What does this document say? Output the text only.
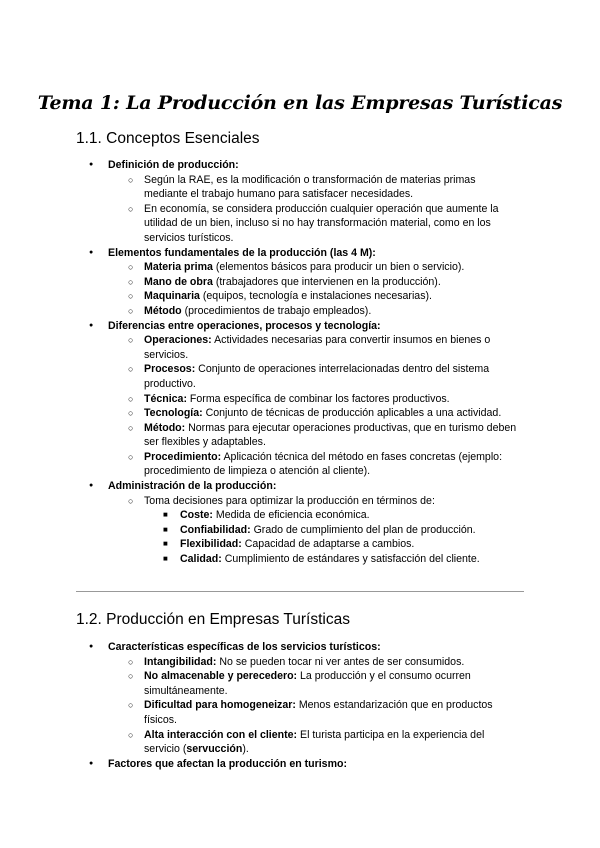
Tema 1: La Producción en las Empresas Turísticas
1.1. Conceptos Esenciales
● Definición de producción:
○ Según la RAE, es la modificación o transformación de materias primas mediante el trabajo humano para satisfacer necesidades.
○ En economía, se considera producción cualquier operación que aumente la utilidad de un bien, incluso si no hay transformación material, como en los servicios turísticos.
● Elementos fundamentales de la producción (las 4 M):
○ Materia prima (elementos básicos para producir un bien o servicio).
○ Mano de obra (trabajadores que intervienen en la producción).
○ Maquinaria (equipos, tecnología e instalaciones necesarias).
○ Método (procedimientos de trabajo empleados).
● Diferencias entre operaciones, procesos y tecnología:
○ Operaciones: Actividades necesarias para convertir insumos en bienes o servicios.
○ Procesos: Conjunto de operaciones interrelacionadas dentro del sistema productivo.
○ Técnica: Forma específica de combinar los factores productivos.
○ Tecnología: Conjunto de técnicas de producción aplicables a una actividad.
○ Método: Normas para ejecutar operaciones productivas, que en turismo deben ser flexibles y adaptables.
○ Procedimiento: Aplicación técnica del método en fases concretas (ejemplo: procedimiento de limpieza o atención al cliente).
● Administración de la producción:
○ Toma decisiones para optimizar la producción en términos de:
■ Coste: Medida de eficiencia económica.
■ Confiabilidad: Grado de cumplimiento del plan de producción.
■ Flexibilidad: Capacidad de adaptarse a cambios.
■ Calidad: Cumplimiento de estándares y satisfacción del cliente.
1.2. Producción en Empresas Turísticas
● Características específicas de los servicios turísticos:
○ Intangibilidad: No se pueden tocar ni ver antes de ser consumidos.
○ No almacenable y perecedero: La producción y el consumo ocurren simultáneamente.
○ Dificultad para homogeneizar: Menos estandarización que en productos físicos.
○ Alta interacción con el cliente: El turista participa en la experiencia del servicio (servucción).
● Factores que afectan la producción en turismo:
